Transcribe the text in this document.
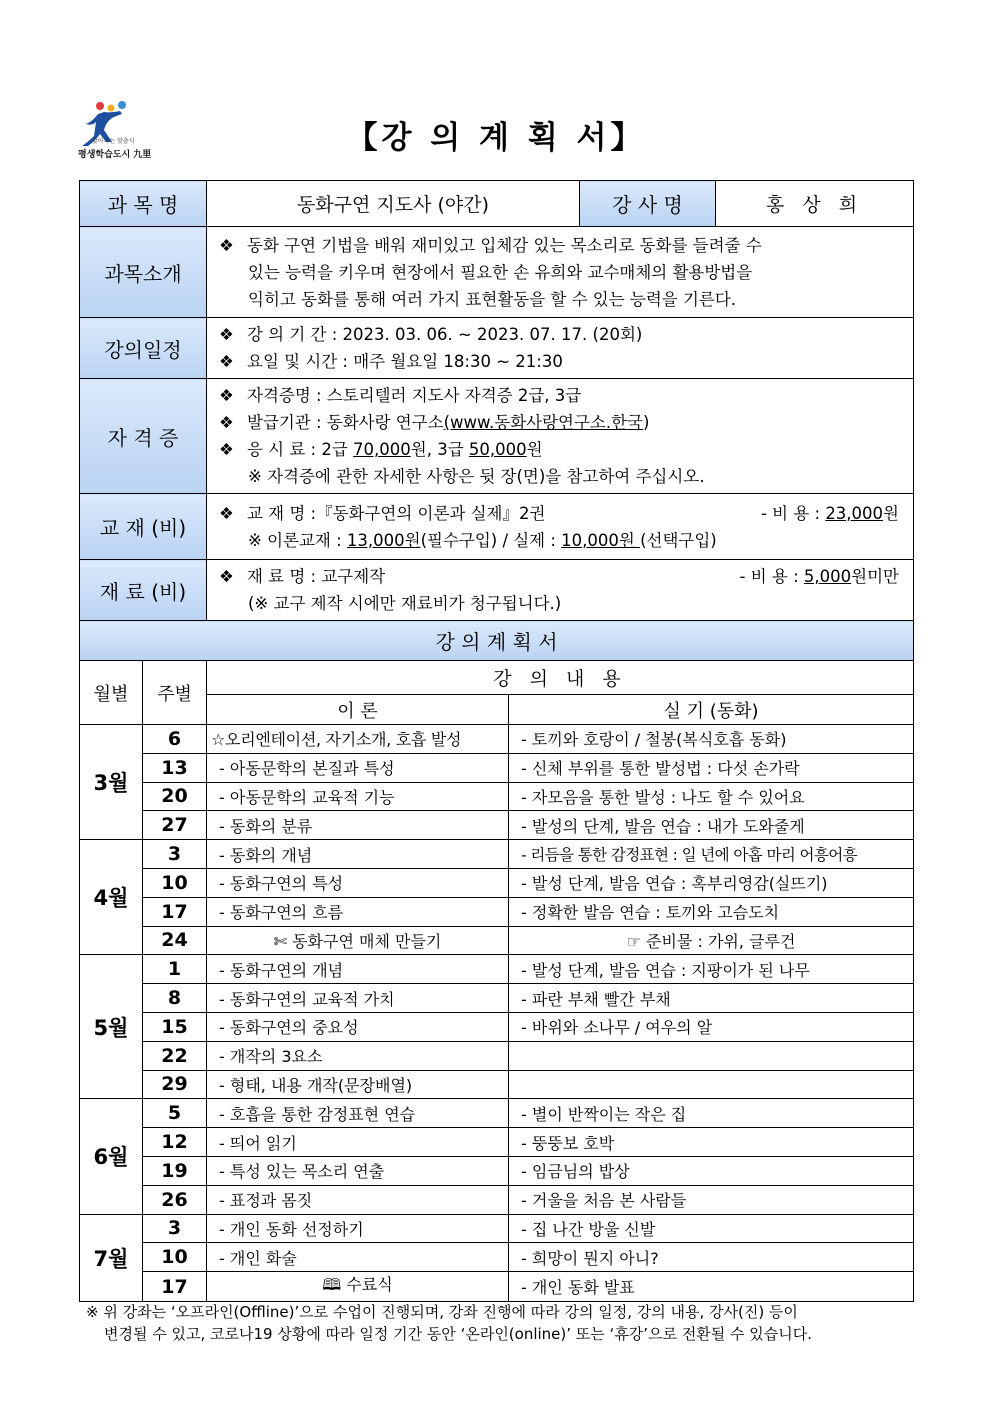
찾아가는 맞춤식
평생학습도시 九里	【강 의 계 획 서】
과 목 명		동화구연 지도사 (야간)		강 사 명	홍 상 희
과목소개		❖ 동화 구연 기법을 배워 재미있고 입체감 있는 목소리로 동화를 들려줄 수
있는 능력을 키우며 현장에서 필요한 손 유희와 교수매체의 활용방법을
익히고 동화를 통해 여러 가지 표현활동을 할 수 있는 능력을 기른다.			

강의일정		❖ 강 의 기 간 : 2023. 03. 06. ~ 2023. 07. 17. (20회)
❖ 요일 및 시간 : 매주 월요일 18:30 ~ 21:30			

자 격 증		❖ 자격증명 : 스토리텔러 지도사 자격증 2급, 3급
❖ 발급기관 : 동화사랑 연구소(www.동화사랑연구소.한국)
❖ 응 시 료 : 2급 70,000원, 3급 50,000원
※ 자격증에 관한 자세한 사항은 뒷 장(면)을 참고하여 주십시오.			

교 재 (비)		❖ 교 재 명 :『동화구연의 이론과 실제』2권 - 비 용 : 23,000원
※ 이론교재 : 13,000원(필수구입) / 실제 : 10,000원 (선택구입)			

재 료 (비)		❖ 재 료 명 : 교구제작 - 비 용 : 5,000원미만
(※ 교구 제작 시에만 재료비가 청구됩니다.)			

강 의 계 획 서					
월별	주별	강 의 내 용			
		이 론	실 기 (동화)		
3월	6	☆오리엔테이션, 자기소개, 호흡 발성	- 토끼와 호랑이 / 철봉(복식호흡 동화)		
	13	- 아동문학의 본질과 특성	- 신체 부위를 통한 발성법 : 다섯 손가락		
	20	- 아동문학의 교육적 기능	- 자모음을 통한 발성 : 나도 할 수 있어요		
	27	- 동화의 분류	- 발성의 단계, 발음 연습 : 내가 도와줄게		
4월	3	- 동화의 개념	- 리듬을 통한 감정표현 : 일 년에 아홉 마리 어흥어흥		
	10	- 동화구연의 특성	- 발성 단계, 발음 연습 : 혹부리영감(실뜨기)		
	17	- 동화구연의 흐름	- 정확한 발음 연습 : 토끼와 고슴도치		
	24	✄ 동화구연 매체 만들기	☞ 준비물 : 가위, 글루건		
5월	1	- 동화구연의 개념	- 발성 단계, 발음 연습 : 지팡이가 된 나무		
	8	- 동화구연의 교육적 가치	- 파란 부채 빨간 부채		
	15	- 동화구연의 중요성	- 바위와 소나무 / 여우의 알		
	22	- 개작의 3요소			
	29	- 형태, 내용 개작(문장배열)			
6월	5	- 호흡을 통한 감정표현 연습	- 별이 반짝이는 작은 집		
	12	- 띄어 읽기	- 뚱뚱보 호박		
	19	- 특성 있는 목소리 연출	- 임금님의 밥상		
	26	- 표정과 몸짓	- 거울을 처음 본 사람들		
7월	3	- 개인 동화 선정하기	- 집 나간 방울 신발		
	10	- 개인 화술	- 희망이 뭔지 아니?		
	17	🕮 수료식	- 개인 동화 발표		
※ 위 강좌는 ‘오프라인(Offline)’으로 수업이 진행되며, 강좌 진행에 따라 강의 일정, 강의 내용, 강사(진) 등이
변경될 수 있고, 코로나19 상황에 따라 일정 기간 동안 ‘온라인(online)’ 또는 ‘휴강’으로 전환될 수 있습니다.
